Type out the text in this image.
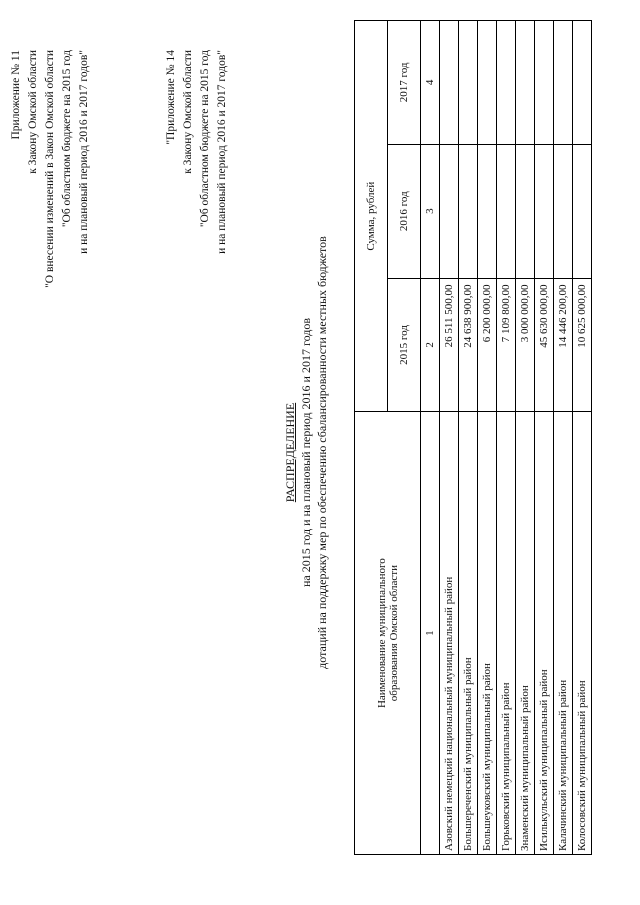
Приложение № 11 к Закону Омской области "О внесении изменений в Закон Омской области "Об областном бюджете на 2015 год и на плановый период 2016 и 2017 годов"	"Приложение № 14 к Закону Омской области "Об областном бюджете на 2015 год и на плановый период 2016 и 2017 годов"
РАСПРЕДЕЛЕНИЕ на 2015 год и на плановый период 2016 и 2017 годов дотаций на поддержку мер по обеспечению сбалансированности местных бюджетов	Наименование муниципального образования Омской области	Сумма, рублей		
	2015 год	2016 год	2017 год
1	2	3	4
Азовский немецкий национальный муниципальный район	26 511 500,00		
Большереченский муниципальный район	24 638 900,00		
Большеуковский муниципальный район	6 200 000,00		
Горьковский муниципальный район	7 109 800,00		
Знаменский муниципальный район	3 000 000,00		
Исилькульский муниципальный район	45 630 000,00		
Калачинский муниципальный район	14 446 200,00		
Колосовский муниципальный район	10 625 000,00		
